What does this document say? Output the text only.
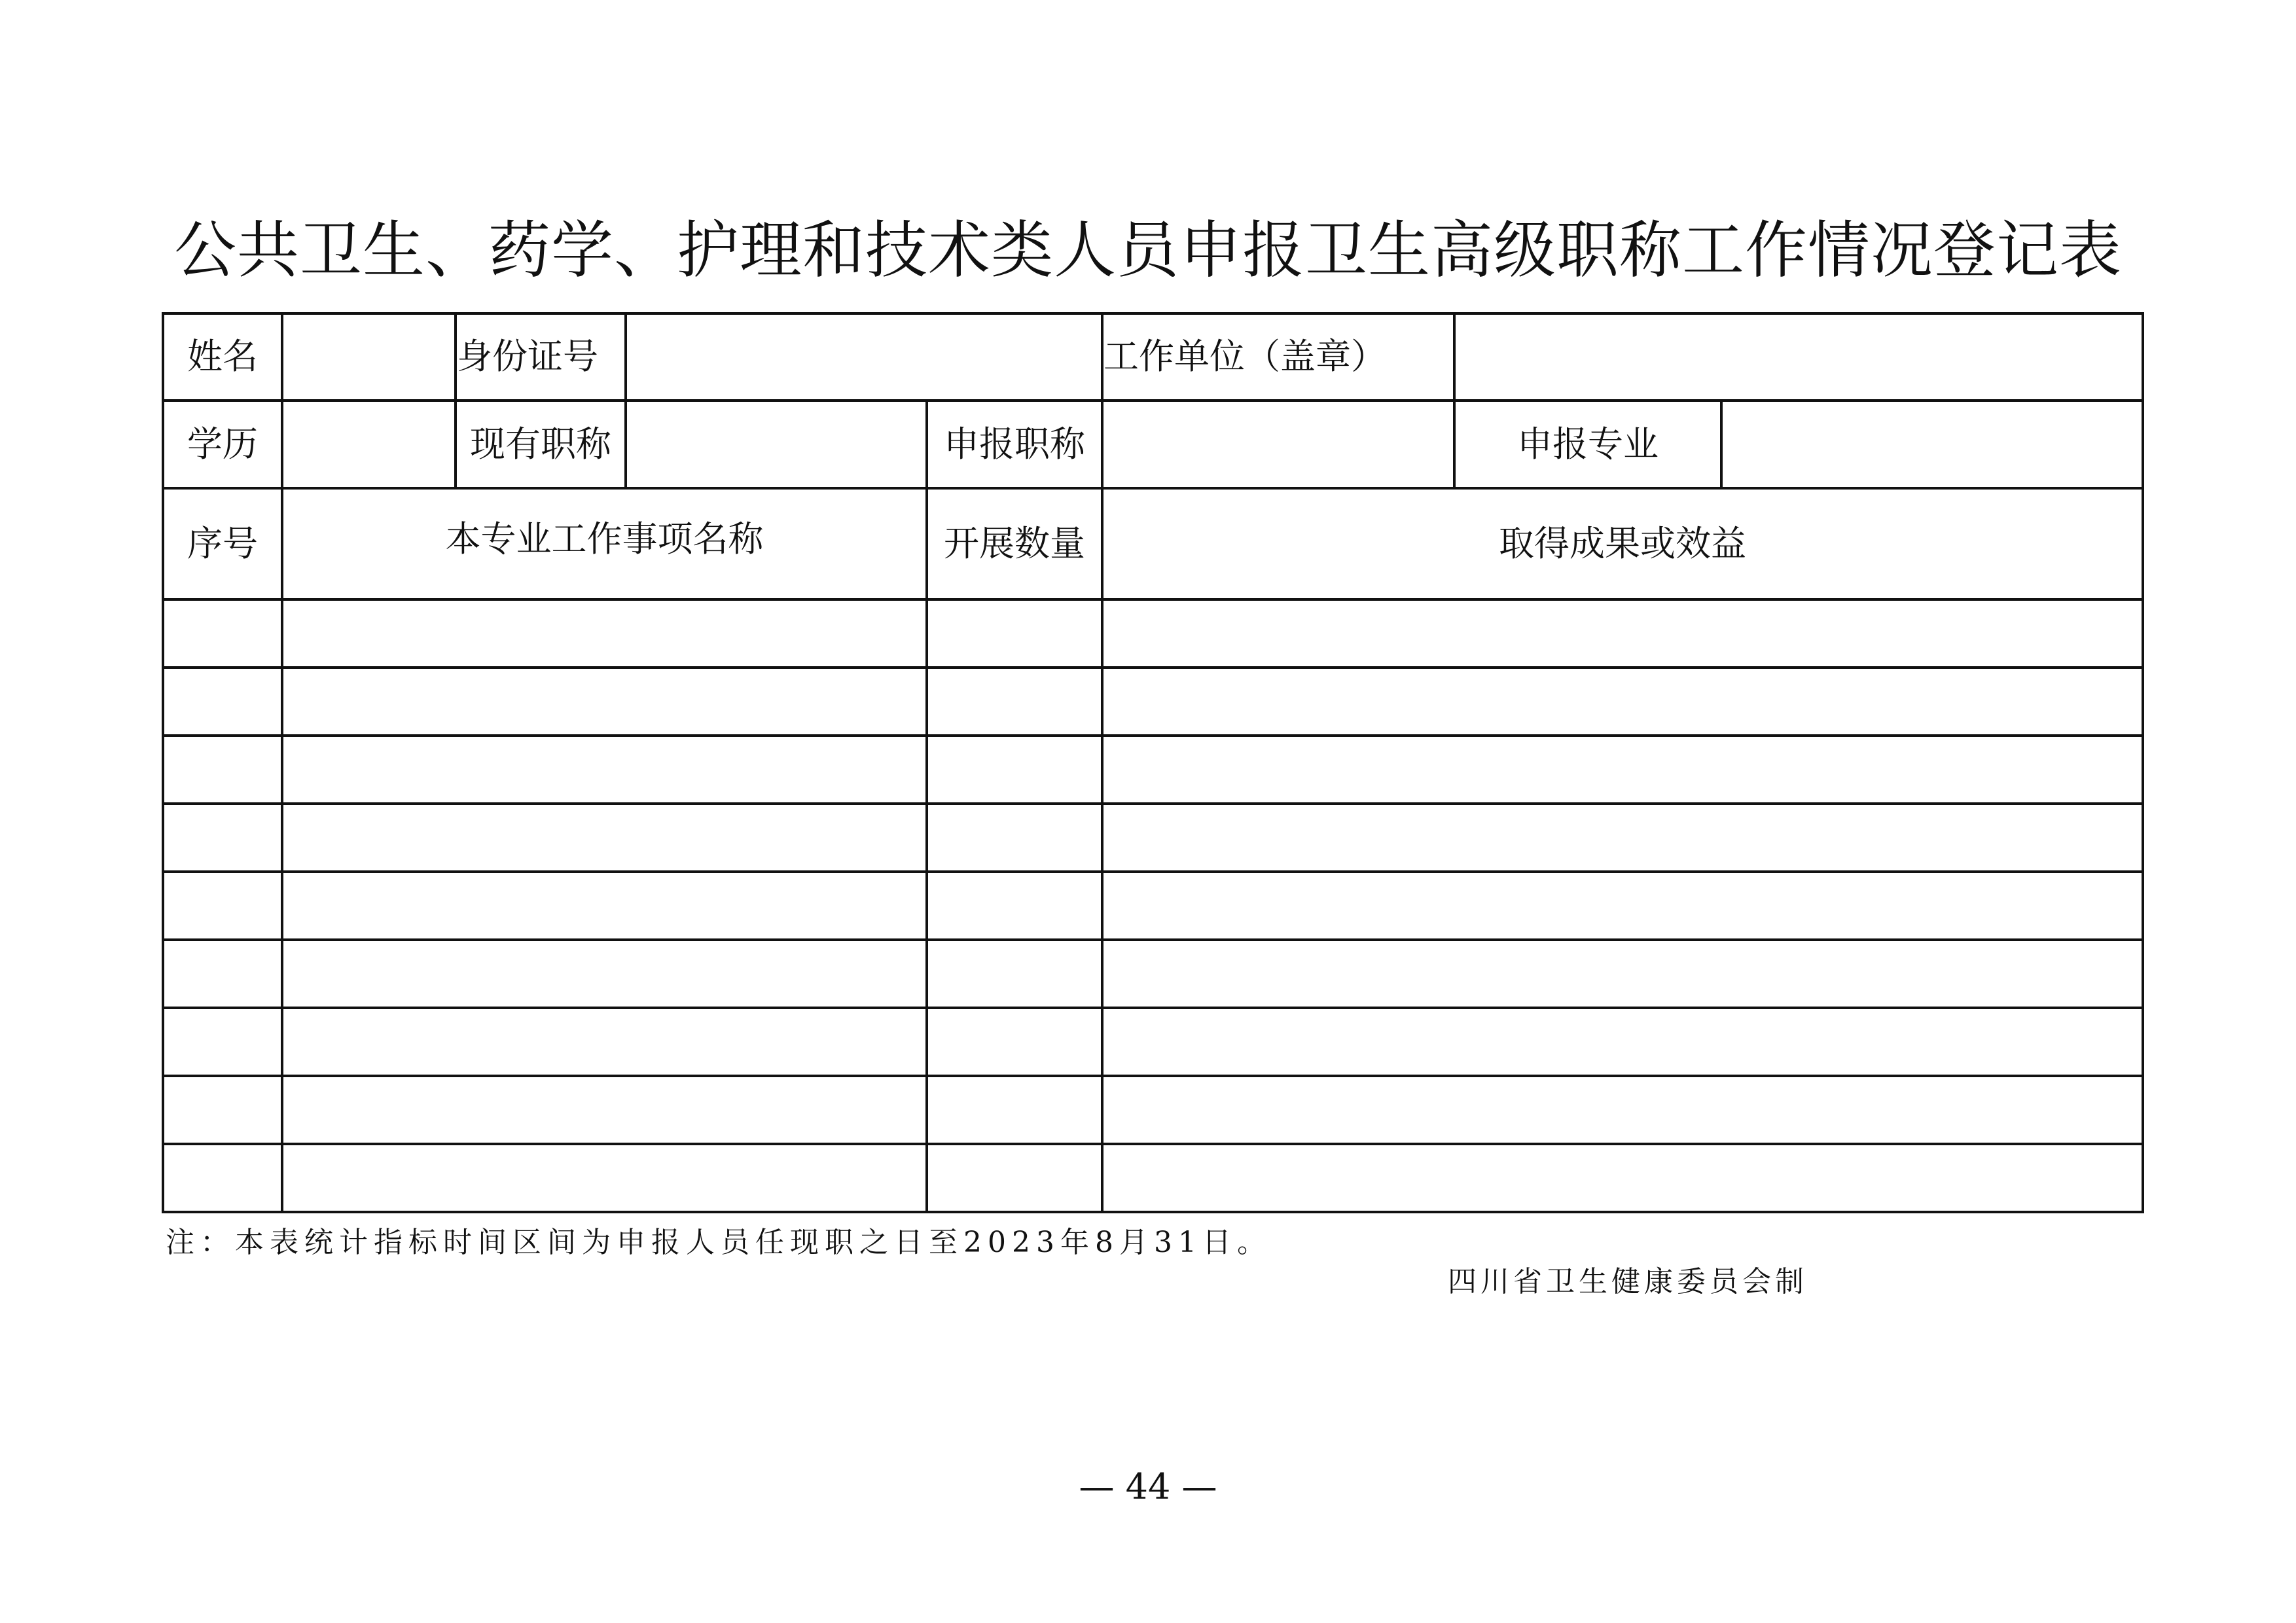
公共卫生、药学、护理和技术类人员申报卫生高级职称工作情况登记表
姓名		身份证号			工作单位（盖章）		
学历		现有职称		申报职称		申报专业	
序号	本专业工作事项名称			开展数量	取得成果或效益		

注：本表统计指标时间区间为申报人员任现职之日至2023年8月31日。
四川省卫生健康委员会制
— 44 —
